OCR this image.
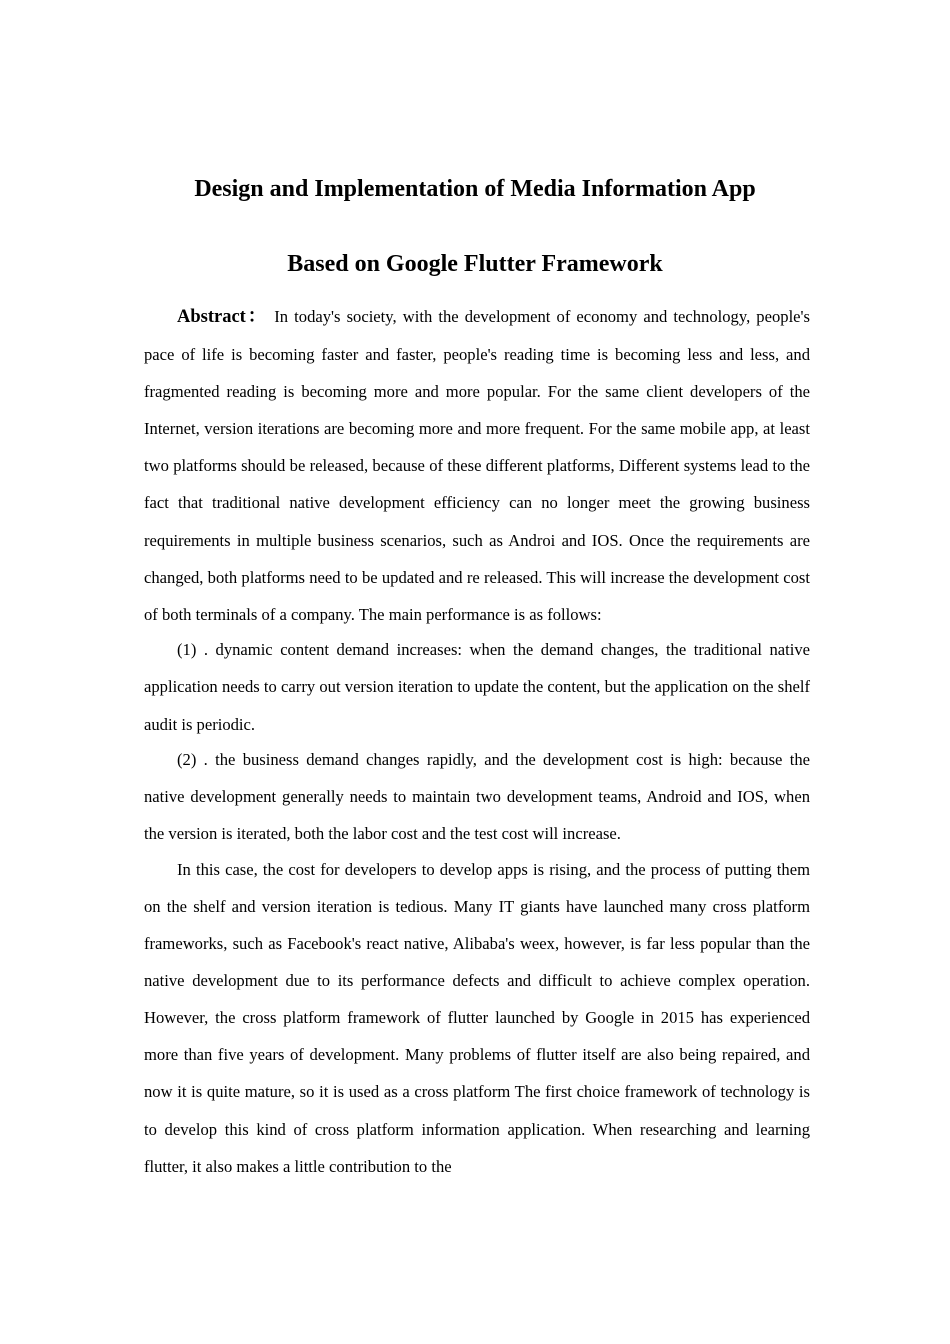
Design and Implementation of Media Information App
Based on Google Flutter Framework

Abstract： In today's society, with the development of economy and technology, people's pace of life is becoming faster and faster, people's reading time is becoming less and less, and fragmented reading is becoming more and more popular. For the same client developers of the Internet, version iterations are becoming more and more frequent. For the same mobile app, at least two platforms should be released, because of these different platforms, Different systems lead to the fact that traditional native development efficiency can no longer meet the growing business requirements in multiple business scenarios, such as Androi and IOS. Once the requirements are changed, both platforms need to be updated and re released. This will increase the development cost of both terminals of a company. The main performance is as follows:

(1) . dynamic content demand increases: when the demand changes, the traditional native application needs to carry out version iteration to update the content, but the application on the shelf audit is periodic.

(2) . the business demand changes rapidly, and the development cost is high: because the native development generally needs to maintain two development teams, Android and IOS, when the version is iterated, both the labor cost and the test cost will increase.

In this case, the cost for developers to develop apps is rising, and the process of putting them on the shelf and version iteration is tedious. Many IT giants have launched many cross platform frameworks, such as Facebook's react native, Alibaba's weex, however, is far less popular than the native development due to its performance defects and difficult to achieve complex operation. However, the cross platform framework of flutter launched by Google in 2015 has experienced more than five years of development. Many problems of flutter itself are also being repaired, and now it is quite mature, so it is used as a cross platform The first choice framework of technology is to develop this kind of cross platform information application. When researching and learning flutter, it also makes a little contribution to the
